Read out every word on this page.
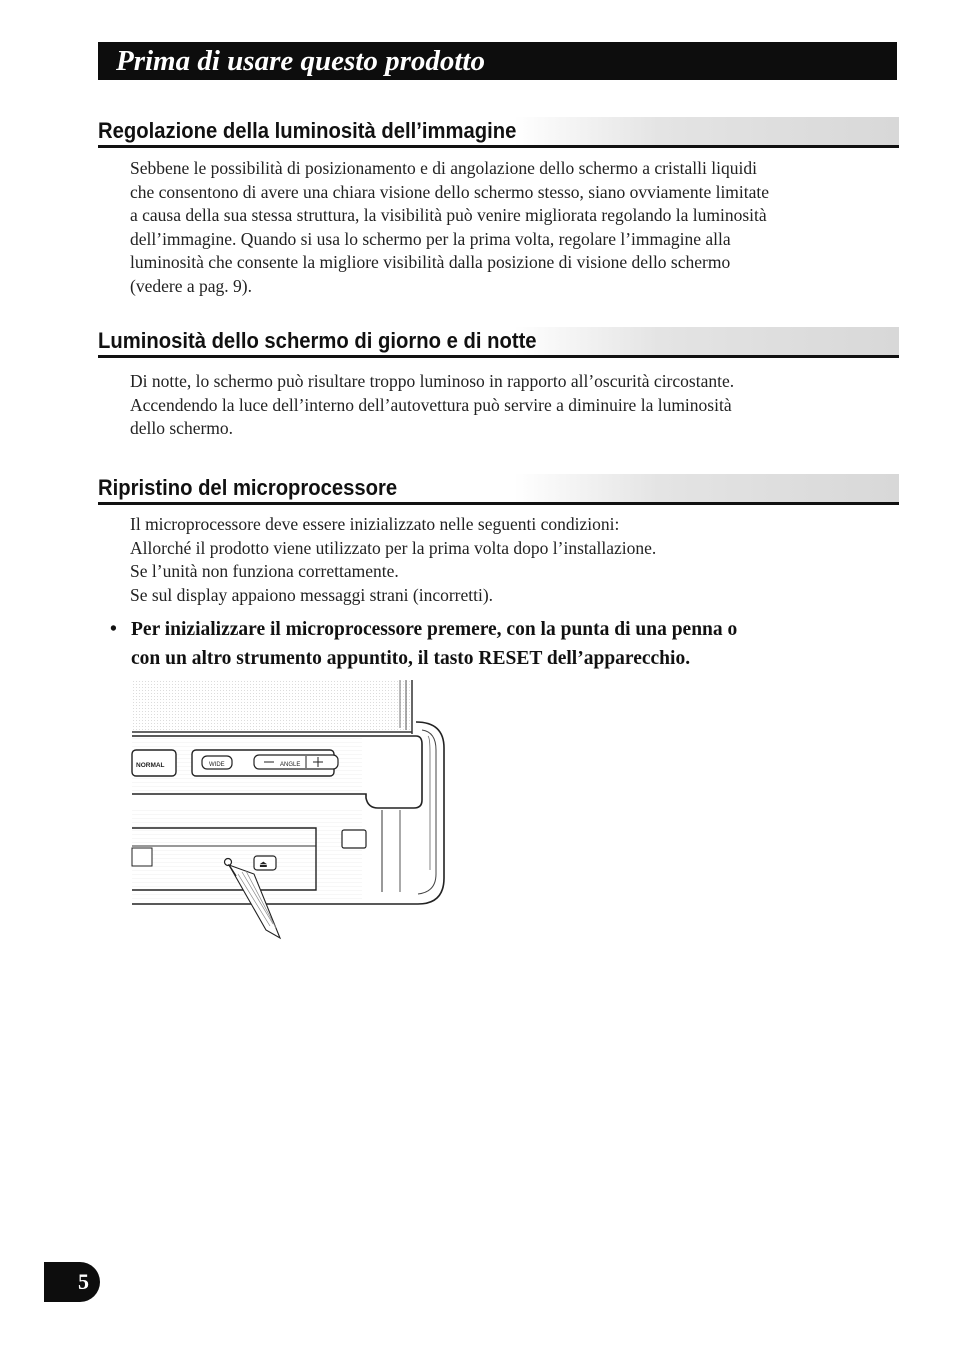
Prima di usare questo prodotto
Regolazione della luminosità dell’immagine
Sebbene le possibilità di posizionamento e di angolazione dello schermo a cristalli liquidi
che consentono di avere una chiara visione dello schermo stesso, siano ovviamente limitate
a causa della sua stessa struttura, la visibilità può venire migliorata regolando la luminosità
dell’immagine. Quando si usa lo schermo per la prima volta, regolare l’immagine alla
luminosità che consente la migliore visibilità dalla posizione di visione dello schermo
(vedere a pag. 9).
Luminosità dello schermo di giorno e di notte
Di notte, lo schermo può risultare troppo luminoso in rapporto all’oscurità circostante.
Accendendo la luce dell’interno dell’autovettura può servire a diminuire la luminosità
dello schermo.
Ripristino del microprocessore
Il microprocessore deve essere inizializzato nelle seguenti condizioni:
Allorché il prodotto viene utilizzato per la prima volta dopo l’installazione.
Se l’unità non funziona correttamente.
Se sul display appaiono messaggi strani (incorretti).
• Per inizializzare il microprocessore premere, con la punta di una penna o
con un altro strumento appuntito, il tasto RESET dell’apparecchio.
NORMAL	WIDE	ANGLE
⏏
5
